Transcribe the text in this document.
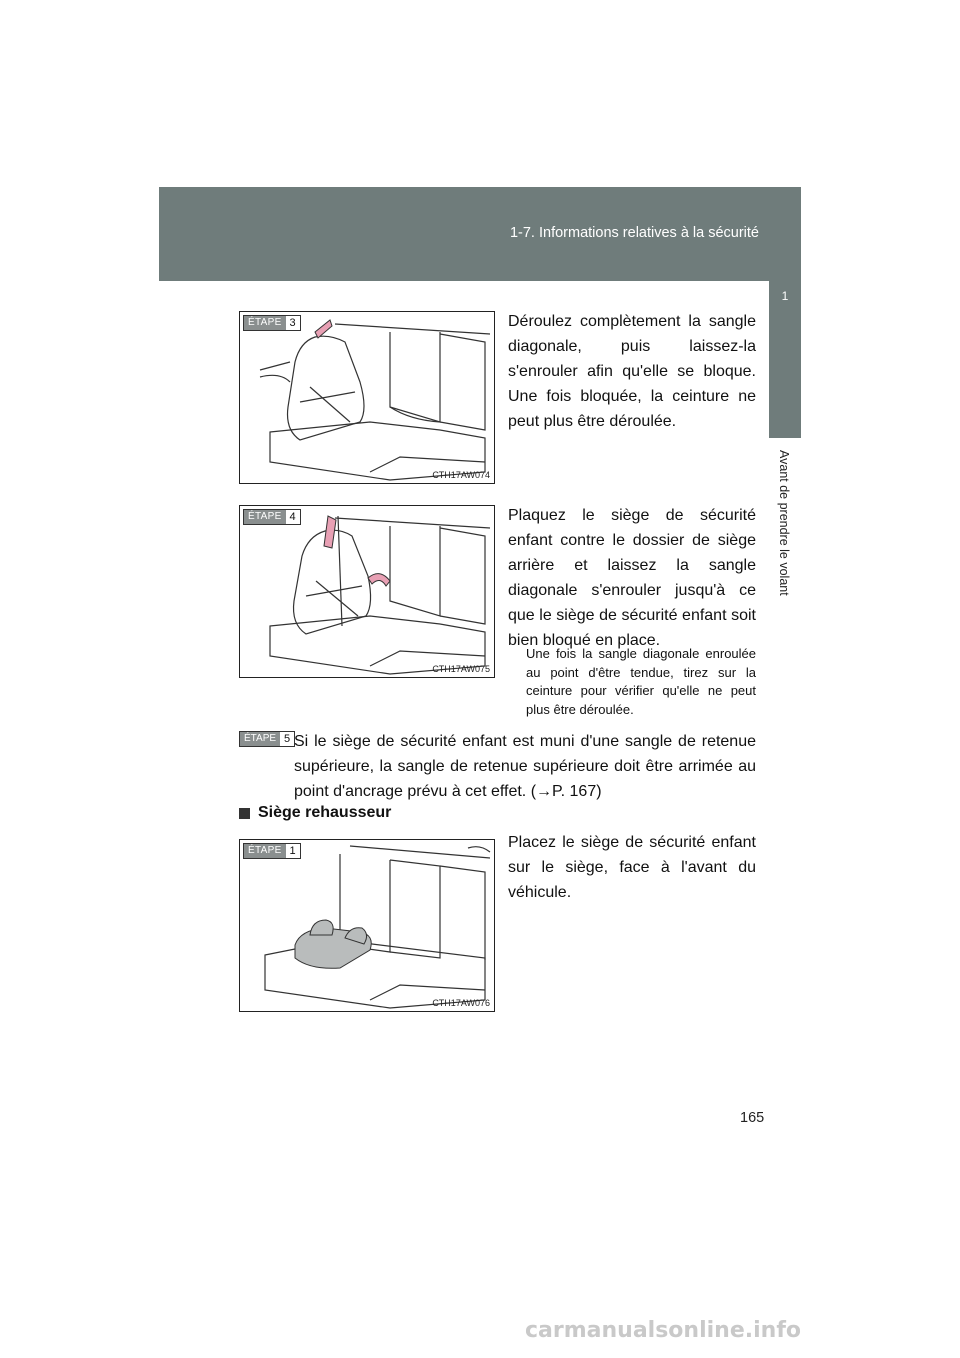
1-7. Informations relatives à la sécurité
1
Avant de prendre le volant
ÉTAPE 3
CTH17AW074
Déroulez complètement la sangle diagonale, puis laissez-la s'enrouler afin qu'elle se bloque. Une fois bloquée, la ceinture ne peut plus être déroulée.
ÉTAPE 4
CTH17AW075
Plaquez le siège de sécurité enfant contre le dossier de siège arrière et laissez la sangle diagonale s'enrouler jusqu'à ce que le siège de sécurité enfant soit bien bloqué en place.
Une fois la sangle diagonale enroulée au point d'être tendue, tirez sur la ceinture pour vérifier qu'elle ne peut plus être déroulée.
ÉTAPE 5 Si le siège de sécurité enfant est muni d'une sangle de retenue supérieure, la sangle de retenue supérieure doit être arrimée au point d'ancrage prévu à cet effet. (→P. 167)
Siège rehausseur
ÉTAPE 1
CTH17AW076
Placez le siège de sécurité enfant sur le siège, face à l'avant du véhicule.
165
carmanualsonline.info
